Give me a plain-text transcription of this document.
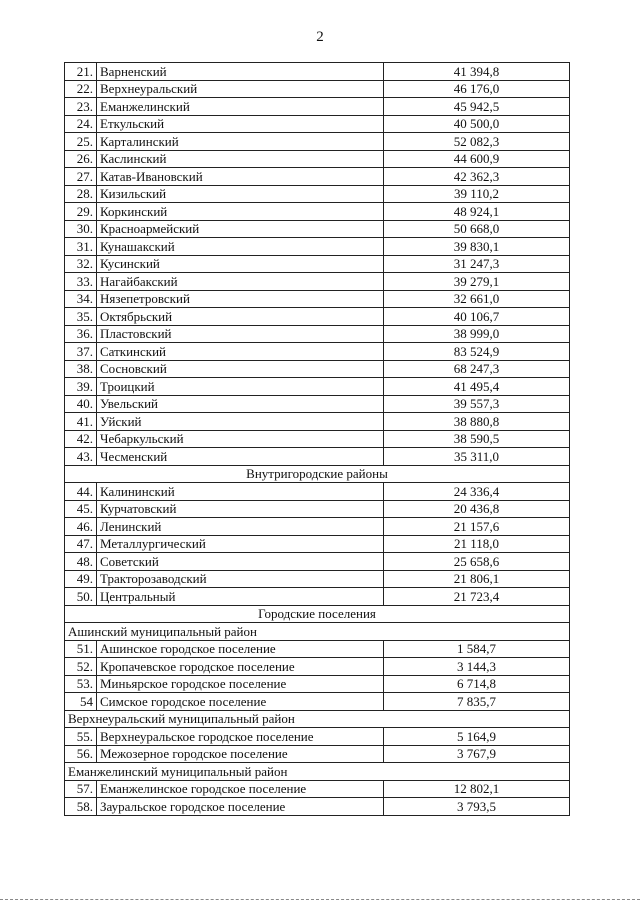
2
21.	Варненский	41 394,8
22.	Верхнеуральский	46 176,0
23.	Еманжелинский	45 942,5
24.	Еткульский	40 500,0
25.	Карталинский	52 082,3
26.	Каслинский	44 600,9
27.	Катав-Ивановский	42 362,3
28.	Кизильский	39 110,2
29.	Коркинский	48 924,1
30.	Красноармейский	50 668,0
31.	Кунашакский	39 830,1
32.	Кусинский	31 247,3
33.	Нагайбакский	39 279,1
34.	Нязепетровский	32 661,0
35.	Октябрьский	40 106,7
36.	Пластовский	38 999,0
37.	Саткинский	83 524,9
38.	Сосновский	68 247,3
39.	Троицкий	41 495,4
40.	Увельский	39 557,3
41.	Уйский	38 880,8
42.	Чебаркульский	38 590,5
43.	Чесменский	35 311,0
Внутригородские районы		
44.	Калининский	24 336,4
45.	Курчатовский	20 436,8
46.	Ленинский	21 157,6
47.	Металлургический	21 118,0
48.	Советский	25 658,6
49.	Тракторозаводский	21 806,1
50.	Центральный	21 723,4
Городские поселения		
Ашинский муниципальный район		
51.	Ашинское городское поселение	1 584,7
52.	Кропачевское городское поселение	3 144,3
53.	Миньярское городское поселение	6 714,8
54	Симское городское поселение	7 835,7
Верхнеуральский муниципальный район		
55.	Верхнеуральское городское поселение	5 164,9
56.	Межозерное городское поселение	3 767,9
Еманжелинский муниципальный район		
57.	Еманжелинское городское поселение	12 802,1
58.	Зауральское городское поселение	3 793,5
